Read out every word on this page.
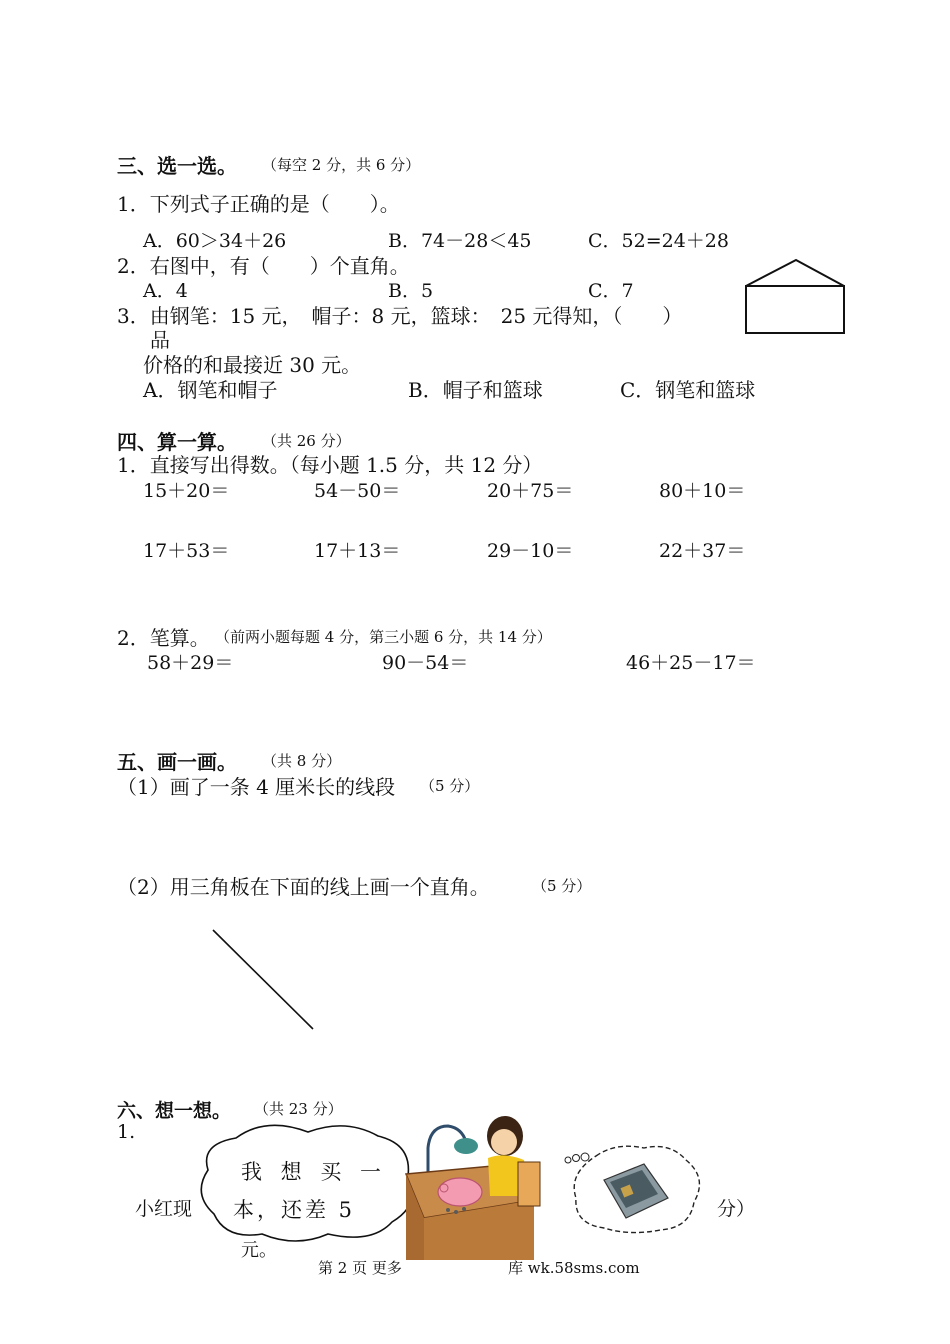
三、选一选。 （每空 2 分，共 6 分）
1．下列式子正确的是（　　）。
A．60＞34＋26	B．74－28＜45	C．52=24＋28
2．右图中，有（　　）个直角。
A．4	B．5	C．7
3．由钢笔：15 元，　帽子：8 元，篮球：　25 元得知，（　　）
品
价格的和最接近 30 元。
A．钢笔和帽子	B．帽子和篮球	C．钢笔和篮球
四、算一算。 （共 26 分）
1．直接写出得数。（每小题 1.5 分，共 12 分）
15＋20＝	54－50＝	20＋75＝	80＋10＝
17＋53＝	17＋13＝	29－10＝	22＋37＝
2．笔算。 （前两小题每题 4 分，第三小题 6 分，共 14 分）
58＋29＝	90－54＝	46＋25－17＝
五、画一画。 （共 8 分）
（1）画了一条 4 厘米长的线段 （5 分）
（2）用三角板在下面的线上画一个直角。	（5 分）
六、想一想。 （共 23 分）
1.
小红现
我 想 买 一
本，还差 5
元。
分）
第 2 页 更多	库 wk.58sms.com
